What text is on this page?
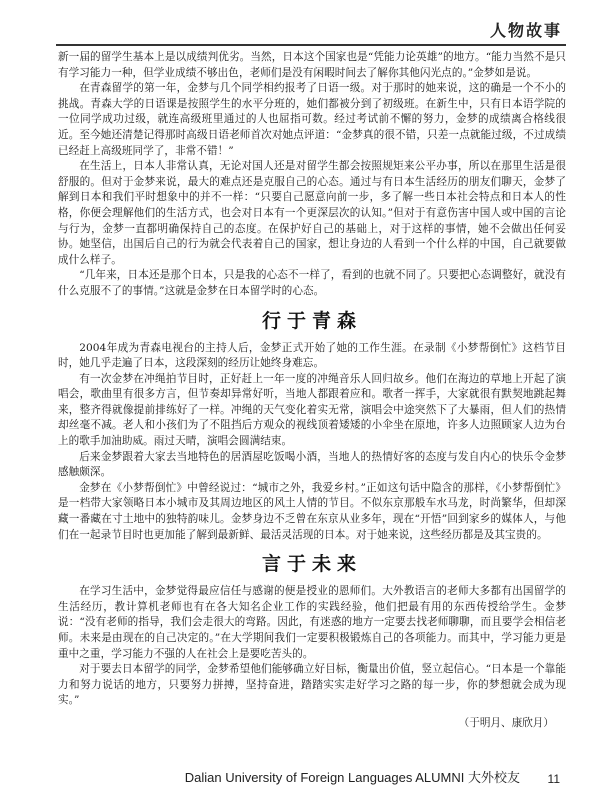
人物故事

新一届的留学生基本上是以成绩判优劣。当然，日本这个国家也是“凭能力论英雄”的地方。“能力当然不是只有学习能力一种，但学业成绩不够出色，老师们是没有闲暇时间去了解你其他闪光点的。”金梦如是说。

在青森留学的第一年，金梦与几个同学相约报考了日语一级。对于那时的她来说，这的确是一个不小的挑战。青森大学的日语课是按照学生的水平分班的，她们都被分到了初级班。在新生中，只有日本语学院的一位同学成功过级，就连高级班里通过的人也屈指可数。经过考试前不懈的努力，金梦的成绩离合格线很近。至今她还清楚记得那时高级日语老师首次对她点评道：“金梦真的很不错，只差一点就能过级，不过成绩已经赶上高级班同学了，非常不错！”

在生活上，日本人非常认真，无论对国人还是对留学生都会按照规矩来公平办事，所以在那里生活是很舒服的。但对于金梦来说，最大的难点还是克服自己的心态。通过与有日本生活经历的朋友们聊天，金梦了解到日本和我们平时想象中的并不一样：“只要自己愿意向前一步，多了解一些日本社会特点和日本人的性格，你便会理解他们的生活方式，也会对日本有一个更深层次的认知。”但对于有意伤害中国人或中国的言论与行为，金梦一直都明确保持自己的态度。在保护好自己的基础上，对于这样的事情，她不会做出任何妥协。她坚信，出国后自己的行为就会代表着自己的国家，想让身边的人看到一个什么样的中国，自己就要做成什么样子。

“几年来，日本还是那个日本，只是我的心态不一样了，看到的也就不同了。只要把心态调整好，就没有什么克服不了的事情。”这就是金梦在日本留学时的心态。

行于青森

2004年成为青森电视台的主持人后，金梦正式开始了她的工作生涯。在录制《小梦帮倒忙》这档节目时，她几乎走遍了日本，这段深刻的经历让她终身难忘。

有一次金梦在冲绳拍节目时，正好赶上一年一度的冲绳音乐人回归故乡。他们在海边的草地上开起了演唱会，歌曲里有很多方言，但节奏却异常好听，当地人都跟着应和。歌者一挥手，大家就很有默契地跳起舞来，整齐得就像提前排练好了一样。冲绳的天气变化着实无常，演唱会中途突然下了大暴雨，但人们的热情却丝毫不减。老人和小孩们为了不阻挡后方观众的视线顶着矮矮的小伞坐在原地，许多人边照顾家人边为台上的歌手加油助威。雨过天晴，演唱会圆满结束。

后来金梦跟着大家去当地特色的居酒屋吃饭喝小酒，当地人的热情好客的态度与发自内心的快乐令金梦感触颇深。

金梦在《小梦帮倒忙》中曾经说过：“城市之外，我爱乡村。”正如这句话中隐含的那样，《小梦帮倒忙》是一档带大家领略日本小城市及其周边地区的风土人情的节目。不似东京那般车水马龙，时尚繁华，但却深藏一番藏在寸土地中的独特韵味儿。金梦身边不乏曾在东京从业多年，现在“开悟”回到家乡的媒体人，与他们在一起录节目时也更加能了解到最新鲜、最活灵活现的日本。对于她来说，这些经历都是及其宝贵的。

言于未来

在学习生活中，金梦觉得最应信任与感谢的便是授业的恩师们。大外教语言的老师大多都有出国留学的生活经历，教计算机老师也有在各大知名企业工作的实践经验，他们把最有用的东西传授给学生。金梦说：“没有老师的指导，我们会走很大的弯路。因此，有迷惑的地方一定要去找老师聊聊，而且要学会相信老师。未来是由现在的自己决定的。”在大学期间我们一定要积极锻炼自己的各项能力。而其中，学习能力更是重中之重，学习能力不强的人在社会上是要吃苦头的。

对于要去日本留学的同学，金梦希望他们能够确立好目标，衡量出价值，竖立起信心。“日本是一个靠能力和努力说话的地方，只要努力拼搏，坚持奋进，踏踏实实走好学习之路的每一步，你的梦想就会成为现实。”

（于明月、康欣月）
Dalian University of Foreign Languages ALUMNI 大外校友 11
